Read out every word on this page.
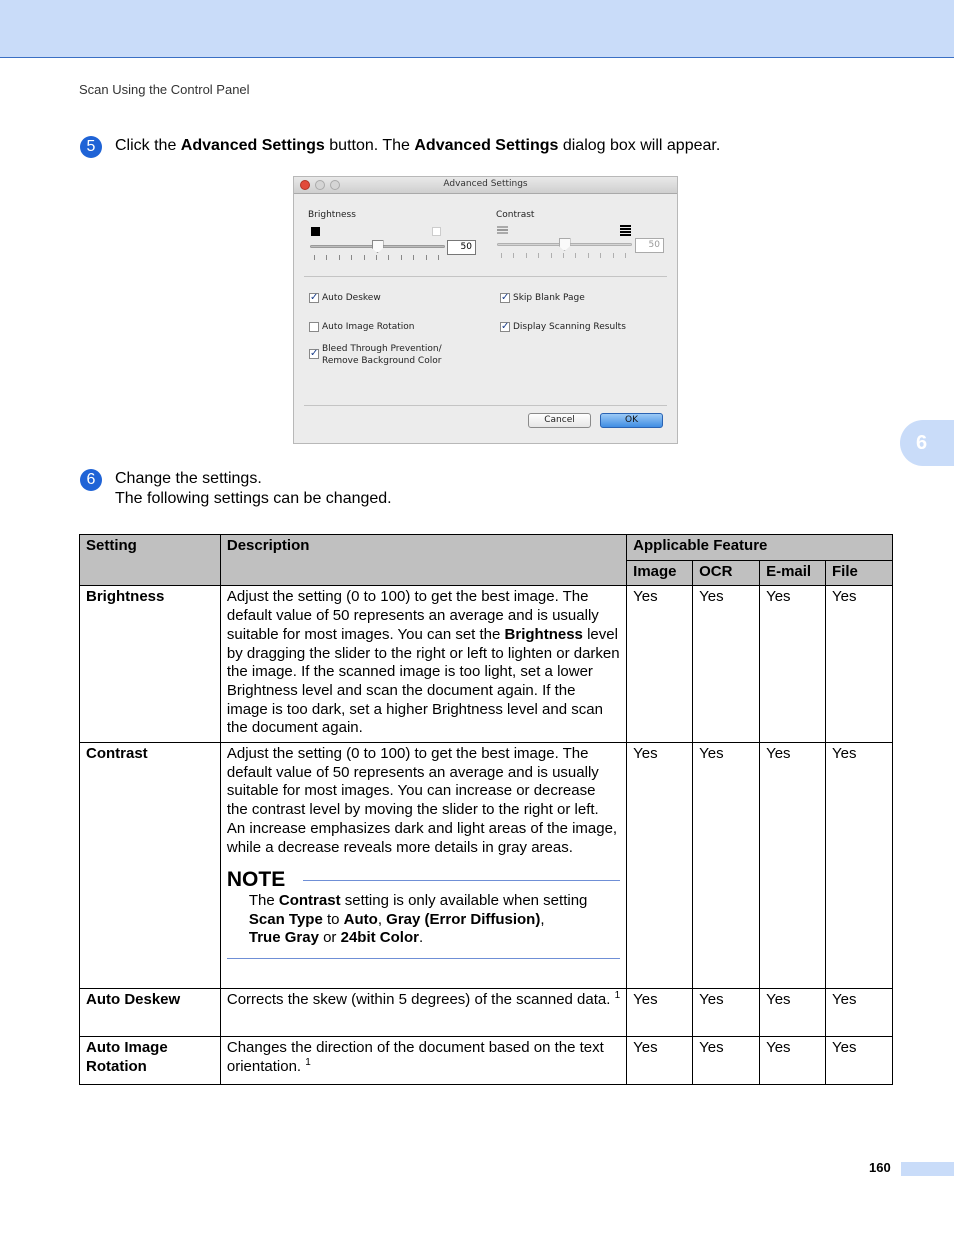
Scan Using the Control Panel
6
5	Click the Advanced Settings button. The Advanced Settings dialog box will appear.
Advanced Settings
Brightness
50
Contrast
50
✓ Auto Deskew	✓ Skip Blank Page
Auto Image Rotation	✓ Display Scanning Results
✓ Bleed Through Prevention/
Remove Background Color
Cancel	OK
6	Change the settings.
The following settings can be changed.
Setting	Description	Applicable Feature			
		Image	OCR	E-mail	File
Brightness	Adjust the setting (0 to 100) to get the best image. The default value of 50 represents an average and is usually suitable for most images. You can set the Brightness level by dragging the slider to the right or left to lighten or darken the image. If the scanned image is too light, set a lower Brightness level and scan the document again. If the image is too dark, set a higher Brightness level and scan the document again.	Yes	Yes	Yes	Yes
Contrast	Adjust the setting (0 to 100) to get the best image. The default value of 50 represents an average and is usually suitable for most images. You can increase or decrease the contrast level by moving the slider to the right or left. An increase emphasizes dark and light areas of the image, while a decrease reveals more details in gray areas.
NOTE
The Contrast setting is only available when setting Scan Type to Auto, Gray (Error Diffusion),
True Gray or 24bit Color.	Yes	Yes	Yes	Yes
Auto Deskew	Corrects the skew (within 5 degrees) of the scanned data. $^1$	Yes	Yes	Yes	Yes

Auto Image
Rotation	Changes the direction of the document based on the text orientation. $^1$	Yes	Yes	Yes	Yes
160
